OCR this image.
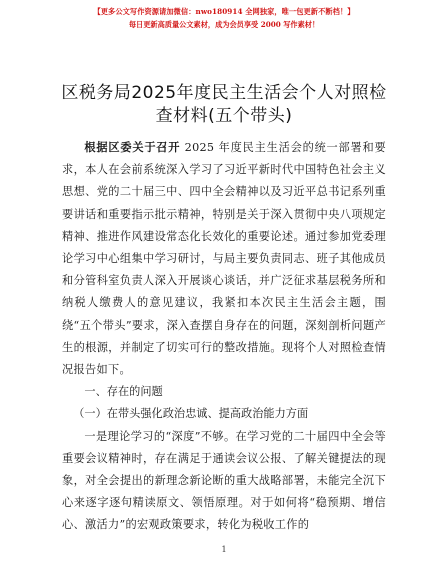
【更多公文写作资源请加微信：nwo180914 全网独家，唯一包更新不断档！】
每日更新高质量公文素材，成为会员享受 2000 写作素材！
区税务局2025年度民主生活会个人对照检查材料(五个带头)

根据区委关于召开 2025 年度民主生活会的统一部署和要求，本人在会前系统深入学习了习近平新时代中国特色社会主义思想、党的二十届三中、四中全会精神以及习近平总书记系列重要讲话和重要指示批示精神，特别是关于深入贯彻中央八项规定精神、推进作风建设常态化长效化的重要论述。通过参加党委理论学习中心组集中学习研讨，与局主要负责同志、班子其他成员和分管科室负责人深入开展谈心谈话，并广泛征求基层税务所和纳税人缴费人的意见建议，我紧扣本次民主生活会主题，围绕“五个带头”要求，深入查摆自身存在的问题，深刻剖析问题产生的根源，并制定了切实可行的整改措施。现将个人对照检查情况报告如下。

一、存在的问题

（一）在带头强化政治忠诚、提高政治能力方面

一是理论学习的“深度”不够。在学习党的二十届四中全会等重要会议精神时，存在满足于通读会议公报、了解关键提法的现象，对全会提出的新理念新论断的重大战略部署，未能完全沉下心来逐字逐句精读原文、领悟原理。对于如何将“稳预期、增信心、激活力”的宏观政策要求，转化为税收工作的

1
